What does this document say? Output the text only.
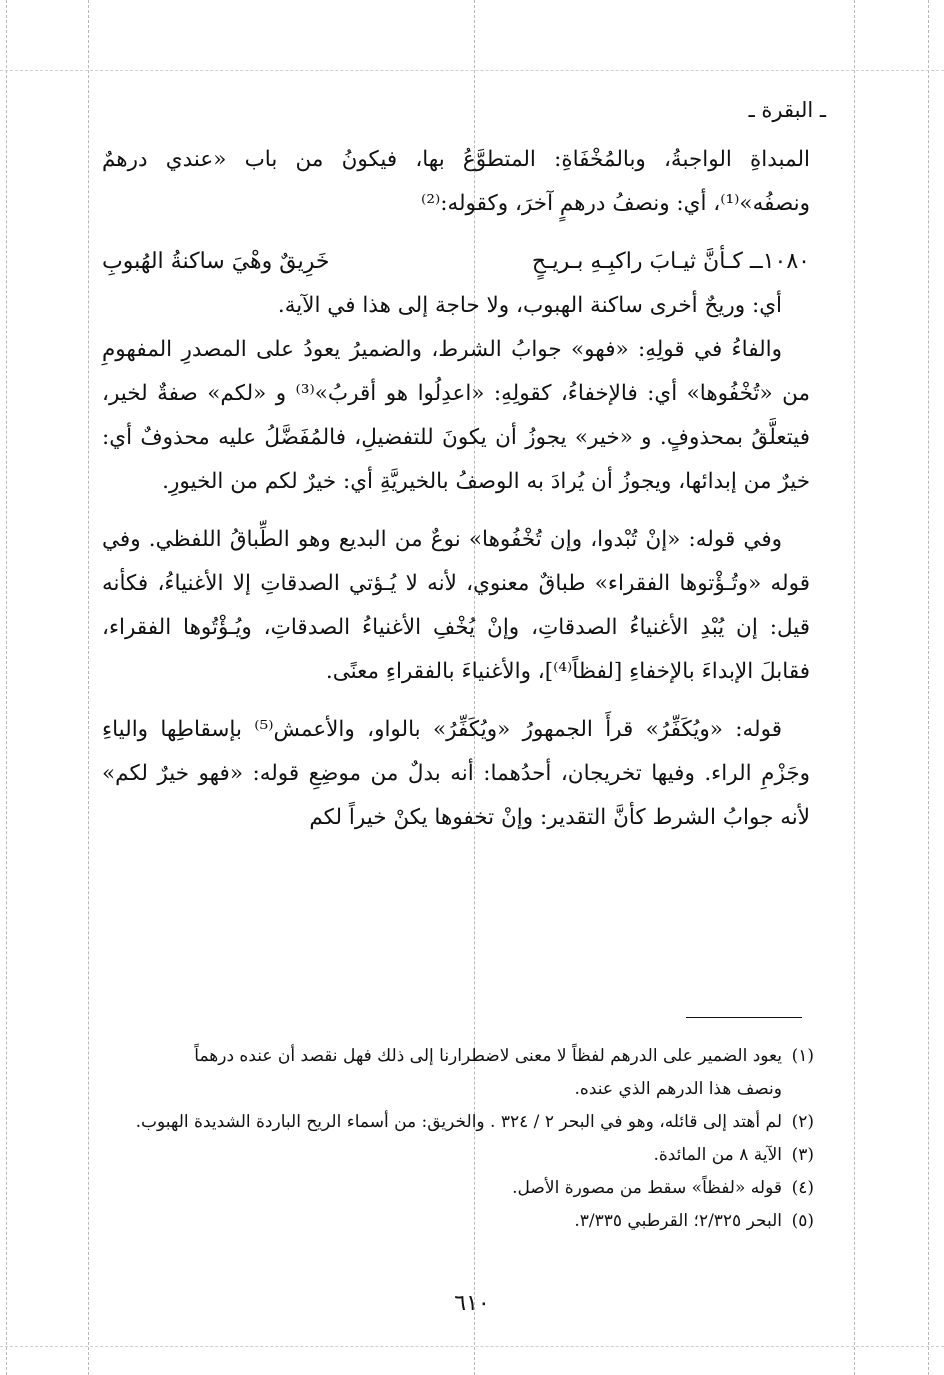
ـ البقرة ـ

المبداةِ الواجبةُ، وبالمُخْفَاةِ: المتطوَّعُ بها، فيكونُ من باب «عندي درهمٌ ونصفُه»⁽¹⁾، أي: ونصفُ درهمٍ آخرَ، وكقوله:⁽²⁾

١٠٨٠ــ كـأنَّ ثيـابَ راكبِـهِ بـريـحٍ
خَرِيقٌ وهْيَ ساكنةُ الهُبوبِ

أي: وريحٌ أخرى ساكنة الهبوب، ولا حاجة إلى هذا في الآية.

والفاءُ في قولِهِ: «فهو» جوابُ الشرط، والضميرُ يعودُ على المصدرِ المفهومِ من «تُخْفُوها» أي: فالإخفاءُ، كقولِهِ: «اعدِلُوا هو أقربُ»⁽³⁾ و «لكم» صفةٌ لخير، فيتعلَّقُ بمحذوفٍ. و «خير» يجوزُ أن يكونَ للتفضيلِ، فالمُفَضَّلُ عليه محذوفٌ أي: خيرٌ من إبدائها، ويجوزُ أن يُرادَ به الوصفُ بالخيريَّةِ أي: خيرٌ لكم من الخيورِ.

وفي قوله: «إنْ تُبْدوا، وإن تُخْفُوها» نوعٌ من البديع وهو الطِّباقُ اللفظي. وفي قوله «وتُـؤْتوها الفقراء» طباقٌ معنوي، لأنه لا يُـؤتي الصدقاتِ إلا الأغنياءُ، فكأنه قيل: إن يُبْدِ الأغنياءُ الصدقاتِ، وإنْ يُخْفِ الأغنياءُ الصدقاتِ، ويُـؤْتُوها الفقراء، فقابلَ الإبداءَ بالإخفاءِ [لفظاً⁽⁴⁾]، والأغنياءَ بالفقراءِ معنًى.

قوله: «ويُكَفِّرُ» قرأَ الجمهورُ «ويُكَفِّرُ» بالواو، والأعمش⁽⁵⁾ بإسقاطِها والياءِ وجَزْمِ الراء. وفيها تخريجان، أحدُهما: أنه بدلٌ من موضِعِ قوله: «فهو خيرٌ لكم» لأنه جوابُ الشرط كأنَّ التقدير: وإنْ تخفوها يكنْ خيراً لكم

(١)يعود الضمير على الدرهم لفظاً لا معنى لاضطرارنا إلى ذلك فهل نقصد أن عنده درهماً

ونصف هذا الدرهم الذي عنده.

(٢)لم أهتد إلى قائله، وهو في البحر ٢ / ٣٢٤ . والخريق: من أسماء الريح الباردة الشديدة الهبوب.

(٣)الآية ٨ من المائدة.

(٤)قوله «لفظاً» سقط من مصورة الأصل.

(٥)البحر ٢/٣٢٥؛ القرطبي ٣/٣٣٥.

٦١٠
